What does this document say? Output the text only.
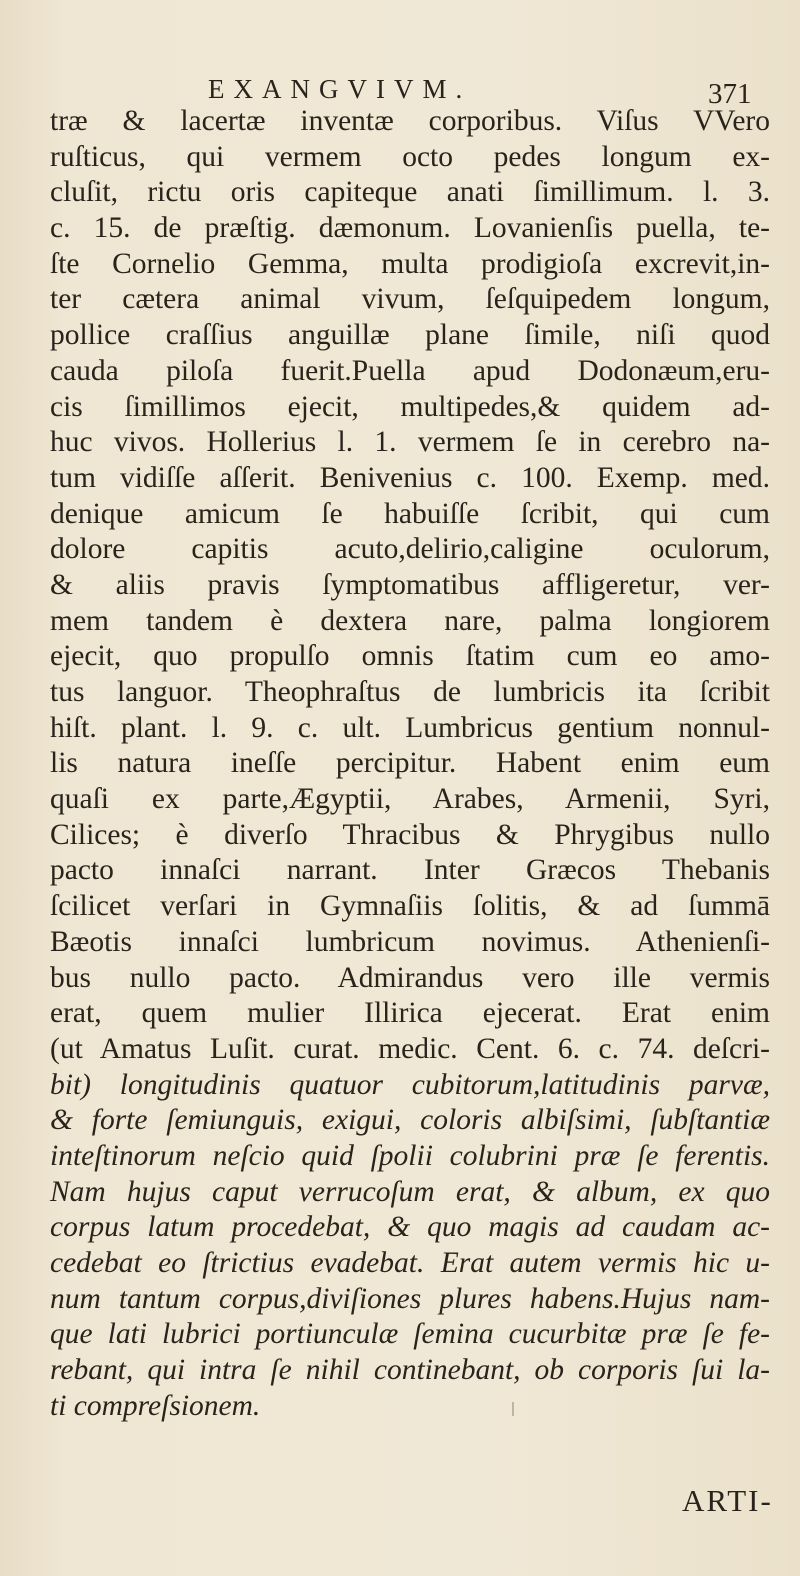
EXANGVIVM.	371
træ & lacertæ inventæ corporibus. Viſus VVero
ruſticus, qui vermem octo pedes longum ex-
cluſit, rictu oris capiteque anati ſimillimum. l. 3.
c. 15. de præſtig. dæmonum. Lovanienſis puella, te-
ſte Cornelio Gemma, multa prodigioſa excrevit,in-
ter cætera animal vivum, ſeſquipedem longum,
pollice craſſius anguillæ plane ſimile, niſi quod
cauda piloſa fuerit.Puella apud Dodonæum,eru-
cis ſimillimos ejecit, multipedes,& quidem ad-
huc vivos. Hollerius l. 1. vermem ſe in cerebro na-
tum vidiſſe aſſerit. Benivenius c. 100. Exemp. med.
denique amicum ſe habuiſſe ſcribit, qui cum
dolore capitis acuto,delirio,caligine oculorum,
& aliis pravis ſymptomatibus affligeretur, ver-
mem tandem è dextera nare, palma longiorem
ejecit, quo propulſo omnis ſtatim cum eo amo-
tus languor. Theophraſtus de lumbricis ita ſcribit
hiſt. plant. l. 9. c. ult. Lumbricus gentium nonnul-
lis natura ineſſe percipitur. Habent enim eum
quaſi ex parte,Ægyptii, Arabes, Armenii, Syri,
Cilices; è diverſo Thracibus & Phrygibus nullo
pacto innaſci narrant. Inter Græcos Thebanis
ſcilicet verſari in Gymnaſiis ſolitis, & ad ſummā
Bæotis innaſci lumbricum novimus. Athenienſi-
bus nullo pacto. Admirandus vero ille vermis
erat, quem mulier Illirica ejecerat. Erat enim
(ut Amatus Luſit. curat. medic. Cent. 6. c. 74. deſcri-
bit) longitudinis quatuor cubitorum,latitudinis parvæ,
& forte ſemiunguis, exigui, coloris albiſsimi, ſubſtantiæ
inteſtinorum neſcio quid ſpolii colubrini præ ſe ferentis.
Nam hujus caput verrucoſum erat, & album, ex quo
corpus latum procedebat, & quo magis ad caudam ac-
cedebat eo ſtrictius evadebat. Erat autem vermis hic u-
num tantum corpus,diviſiones plures habens.Hujus nam-
que lati lubrici portiunculæ ſemina cucurbitæ præ ſe fe-
rebant, qui intra ſe nihil continebant, ob corporis ſui la-
ti compreſsionem.
ARTI-
